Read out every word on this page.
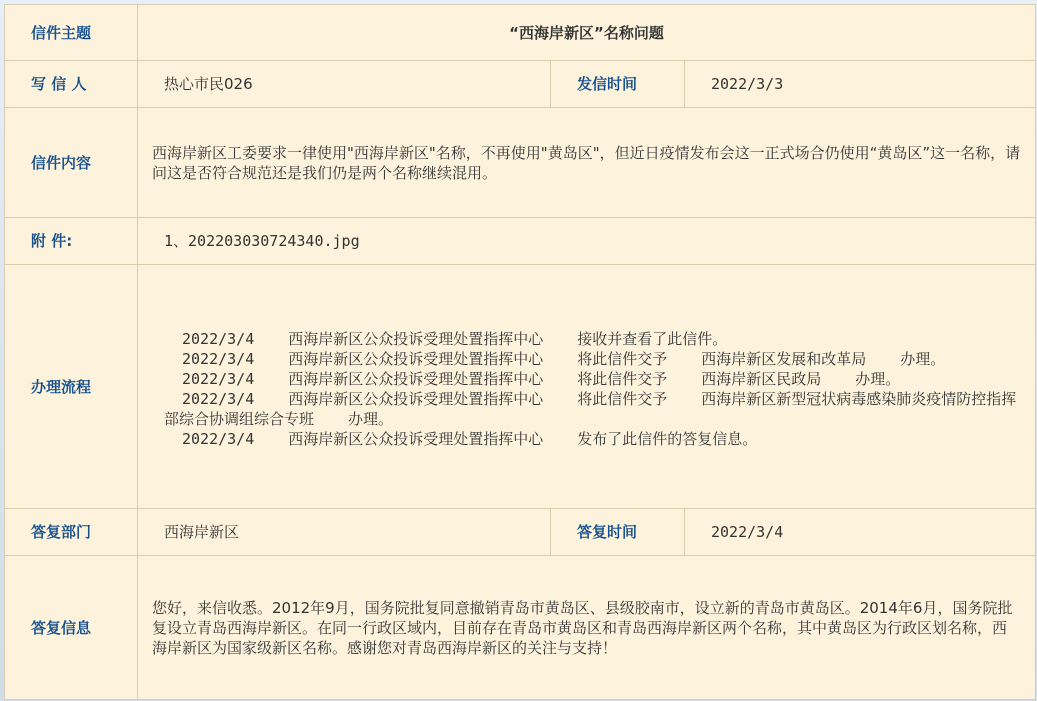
信件主题	“西海岸新区”名称问题		
写 信 人	热心市民026	发信时间	2022/3/3
信件内容	西海岸新区工委要求一律使用"西海岸新区"名称，不再使用"黄岛区"，但近日疫情发布会这一正式场合仍使用“黄岛区”这一名称，请问这是否符合规范还是我们仍是两个名称继续混用。		
附 件:	1、202203030724340.jpg		
办理流程	2022/3/4 西海岸新区公众投诉受理处置指挥中心 接收并查看了此信件。
2022/3/4 西海岸新区公众投诉受理处置指挥中心 将此信件交予 西海岸新区发展和改革局 办理。
2022/3/4 西海岸新区公众投诉受理处置指挥中心 将此信件交予 西海岸新区民政局 办理。
2022/3/4 西海岸新区公众投诉受理处置指挥中心 将此信件交予 西海岸新区新型冠状病毒感染肺炎疫情防控指挥部综合协调组综合专班 办理。
2022/3/4 西海岸新区公众投诉受理处置指挥中心 发布了此信件的答复信息。		

答复部门	西海岸新区	答复时间	2022/3/4
答复信息	您好，来信收悉。2012年9月，国务院批复同意撤销青岛市黄岛区、县级胶南市，设立新的青岛市黄岛区。2014年6月，国务院批复设立青岛西海岸新区。在同一行政区域内，目前存在青岛市黄岛区和青岛西海岸新区两个名称，其中黄岛区为行政区划名称，西海岸新区为国家级新区名称。感谢您对青岛西海岸新区的关注与支持！		
